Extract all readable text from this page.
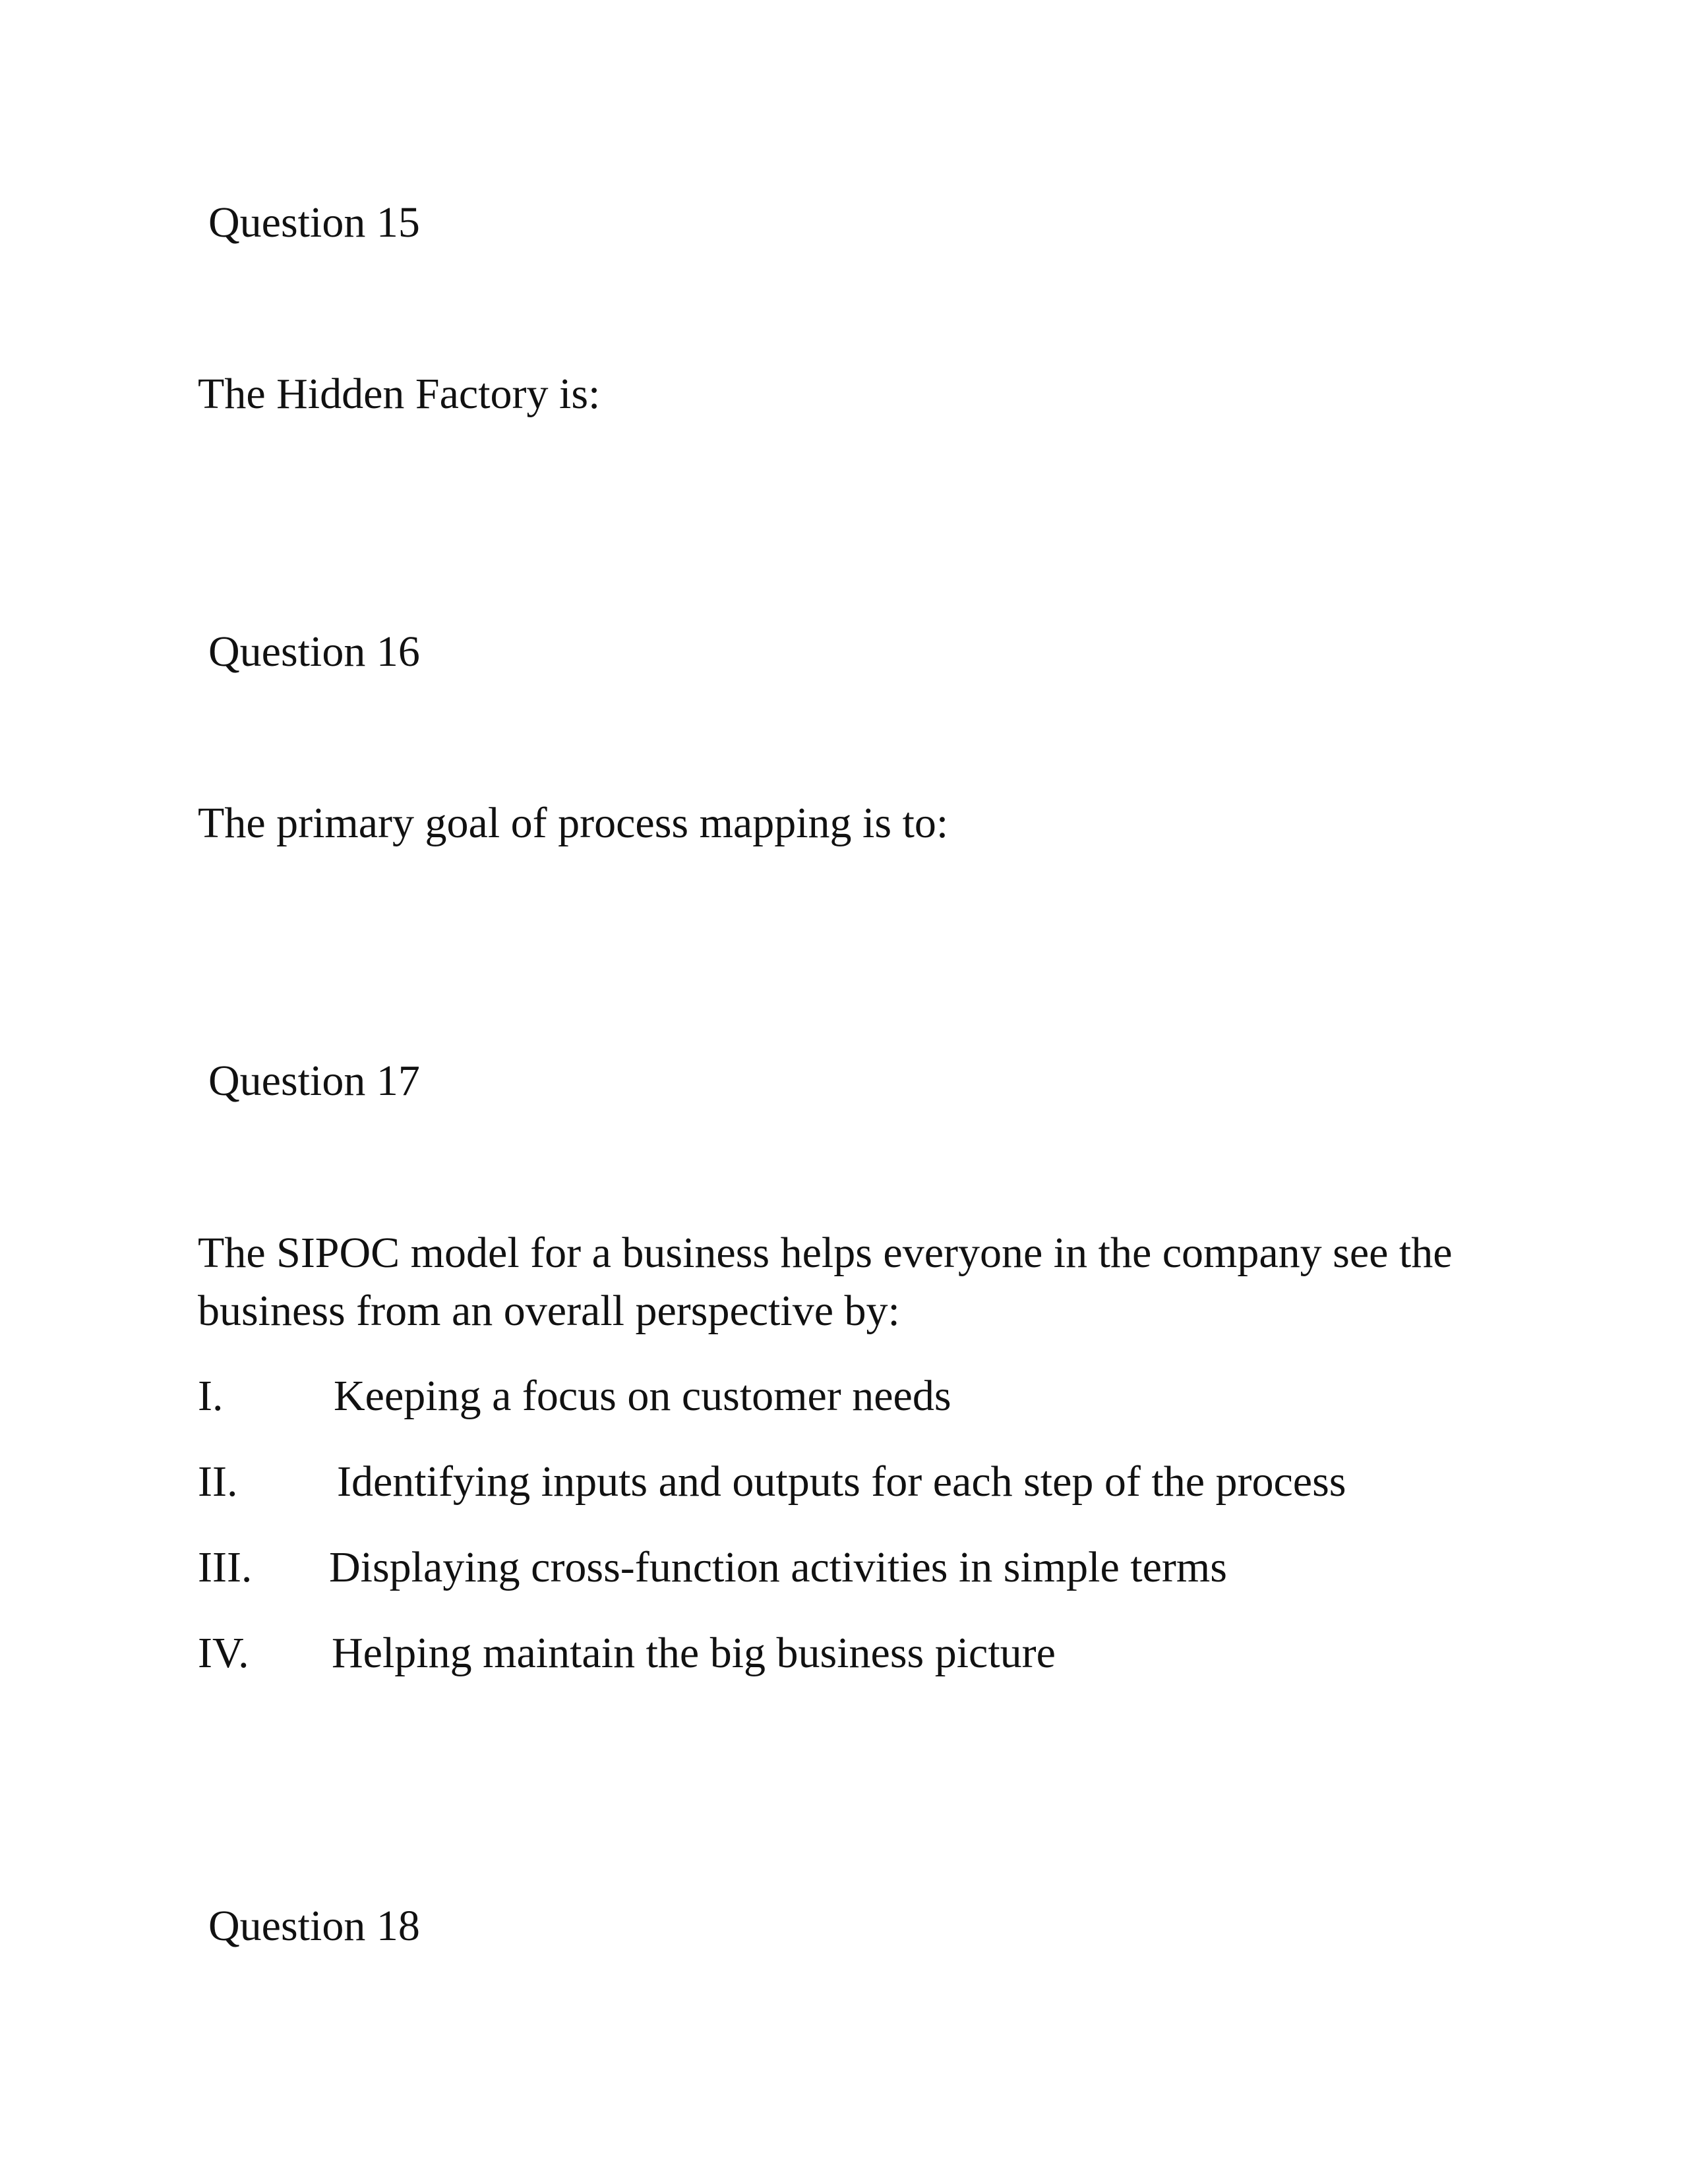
Question 15

The Hidden Factory is:

Question 16

The primary goal of process mapping is to:

Question 17

The SIPOC model for a business helps everyone in the company see the business from an overall perspective by:

I.	Keeping a focus on customer needs
II. Identifying inputs and outputs for each step of the process
III. Displaying cross-function activities in simple terms
IV. Helping maintain the big business picture

Question 18
